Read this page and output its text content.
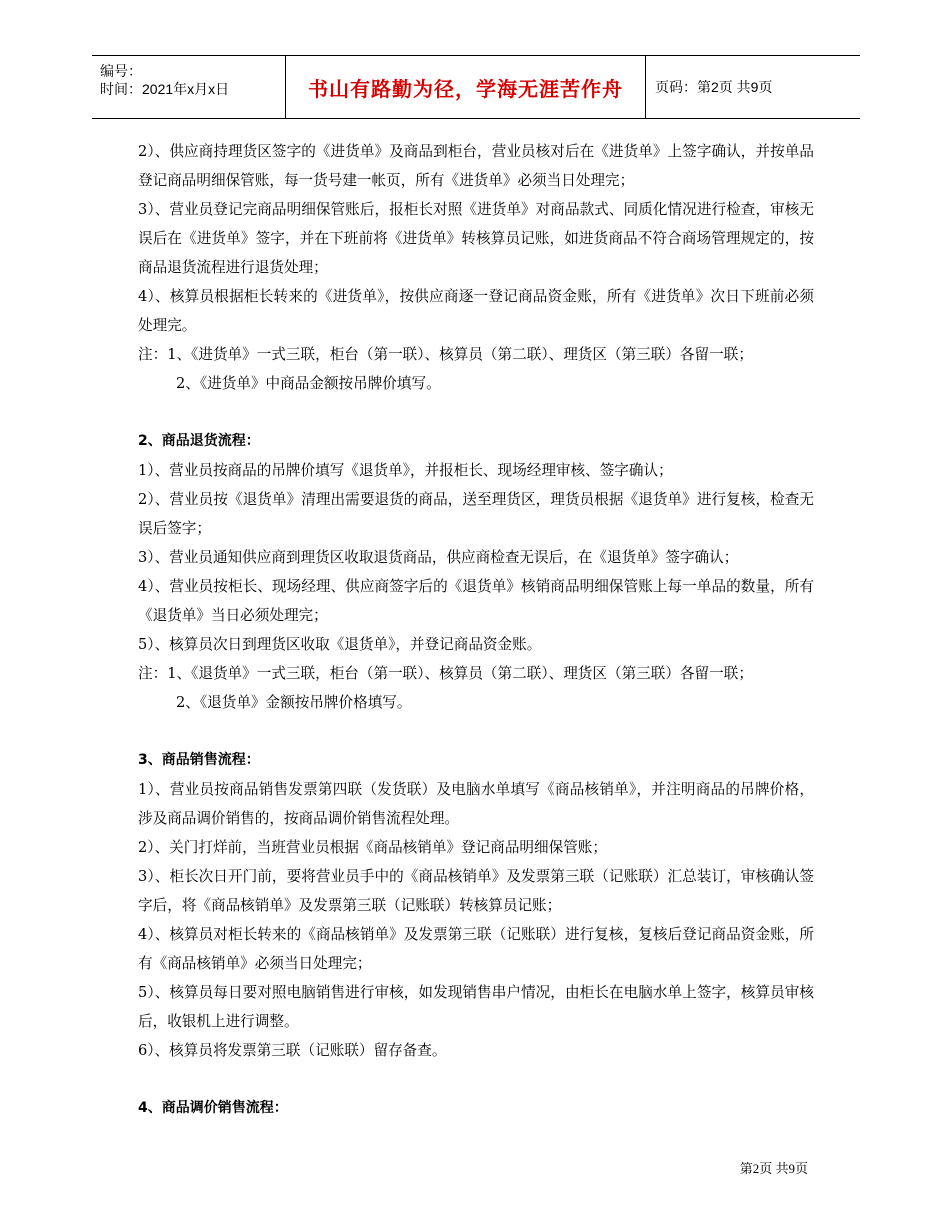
编号：
时间：2021年x月x日	书山有路勤为径，学海无涯苦作舟	页码：第2页 共9页

2）、供应商持理货区签字的《进货单》及商品到柜台，营业员核对后在《进货单》上签字确认，并按单品登记商品明细保管账，每一货号建一帐页，所有《进货单》必须当日处理完；

3）、营业员登记完商品明细保管账后，报柜长对照《进货单》对商品款式、同质化情况进行检查，审核无误后在《进货单》签字，并在下班前将《进货单》转核算员记账，如进货商品不符合商场管理规定的，按商品退货流程进行退货处理；

4）、核算员根据柜长转来的《进货单》，按供应商逐一登记商品资金账，所有《进货单》次日下班前必须处理完。

注：1、《进货单》一式三联，柜台（第一联）、核算员（第二联）、理货区（第三联）各留一联；

2、《进货单》中商品金额按吊牌价填写。

2、商品退货流程：

1）、营业员按商品的吊牌价填写《退货单》，并报柜长、现场经理审核、签字确认；

2）、营业员按《退货单》清理出需要退货的商品，送至理货区，理货员根据《退货单》进行复核，检查无误后签字；

3）、营业员通知供应商到理货区收取退货商品，供应商检查无误后，在《退货单》签字确认；

4）、营业员按柜长、现场经理、供应商签字后的《退货单》核销商品明细保管账上每一单品的数量，所有《退货单》当日必须处理完；

5）、核算员次日到理货区收取《退货单》，并登记商品资金账。

注：1、《退货单》一式三联，柜台（第一联）、核算员（第二联）、理货区（第三联）各留一联；

2、《退货单》金额按吊牌价格填写。

3、商品销售流程：

1）、营业员按商品销售发票第四联（发货联）及电脑水单填写《商品核销单》，并注明商品的吊牌价格，涉及商品调价销售的，按商品调价销售流程处理。

2）、关门打烊前，当班营业员根据《商品核销单》登记商品明细保管账；

3）、柜长次日开门前，要将营业员手中的《商品核销单》及发票第三联（记账联）汇总装订，审核确认签字后，将《商品核销单》及发票第三联（记账联）转核算员记账；

4）、核算员对柜长转来的《商品核销单》及发票第三联（记账联）进行复核，复核后登记商品资金账，所有《商品核销单》必须当日处理完；

5）、核算员每日要对照电脑销售进行审核，如发现销售串户情况，由柜长在电脑水单上签字，核算员审核后，收银机上进行调整。

6）、核算员将发票第三联（记账联）留存备查。

4、商品调价销售流程：

第2页 共9页
